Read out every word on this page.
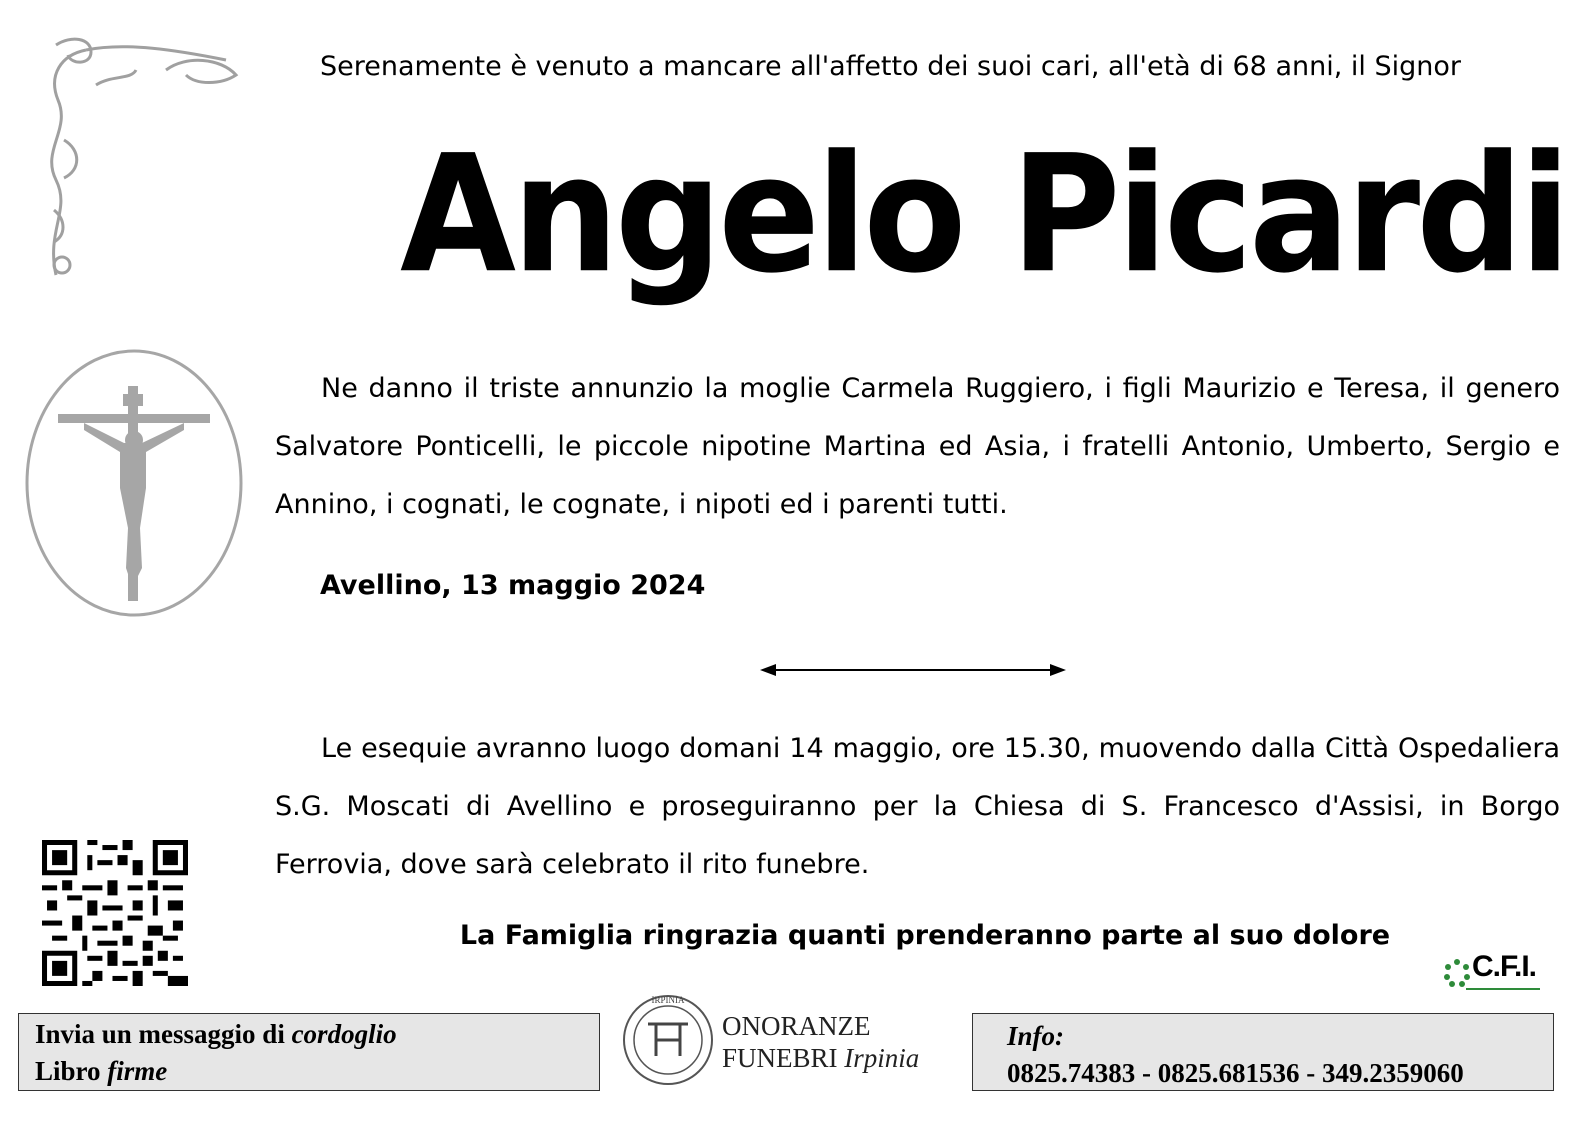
Serenamente è venuto a mancare all'affetto dei suoi cari, all'età di 68 anni, il Signor
Angelo Picardi
Ne danno il triste annunzio la moglie Carmela Ruggiero, i figli Maurizio e Teresa, il genero Salvatore Ponticelli, le piccole nipotine Martina ed Asia, i fratelli Antonio, Umberto, Sergio e Annino, i cognati, le cognate, i nipoti ed i parenti tutti.
Avellino, 13 maggio 2024
Le esequie avranno luogo domani 14 maggio, ore 15.30, muovendo dalla Città Ospedaliera S.G. Moscati di Avellino e proseguiranno per la Chiesa di S. Francesco d'Assisi, in Borgo Ferrovia, dove sarà celebrato il rito funebre.
La Famiglia ringrazia quanti prenderanno parte al suo dolore
C.F.I.
Invia un messaggio di cordoglio
Libro firme
IRPINIA
ONORANZE
FUNEBRI Irpinia
Info:
0825.74383 - 0825.681536 - 349.2359060
